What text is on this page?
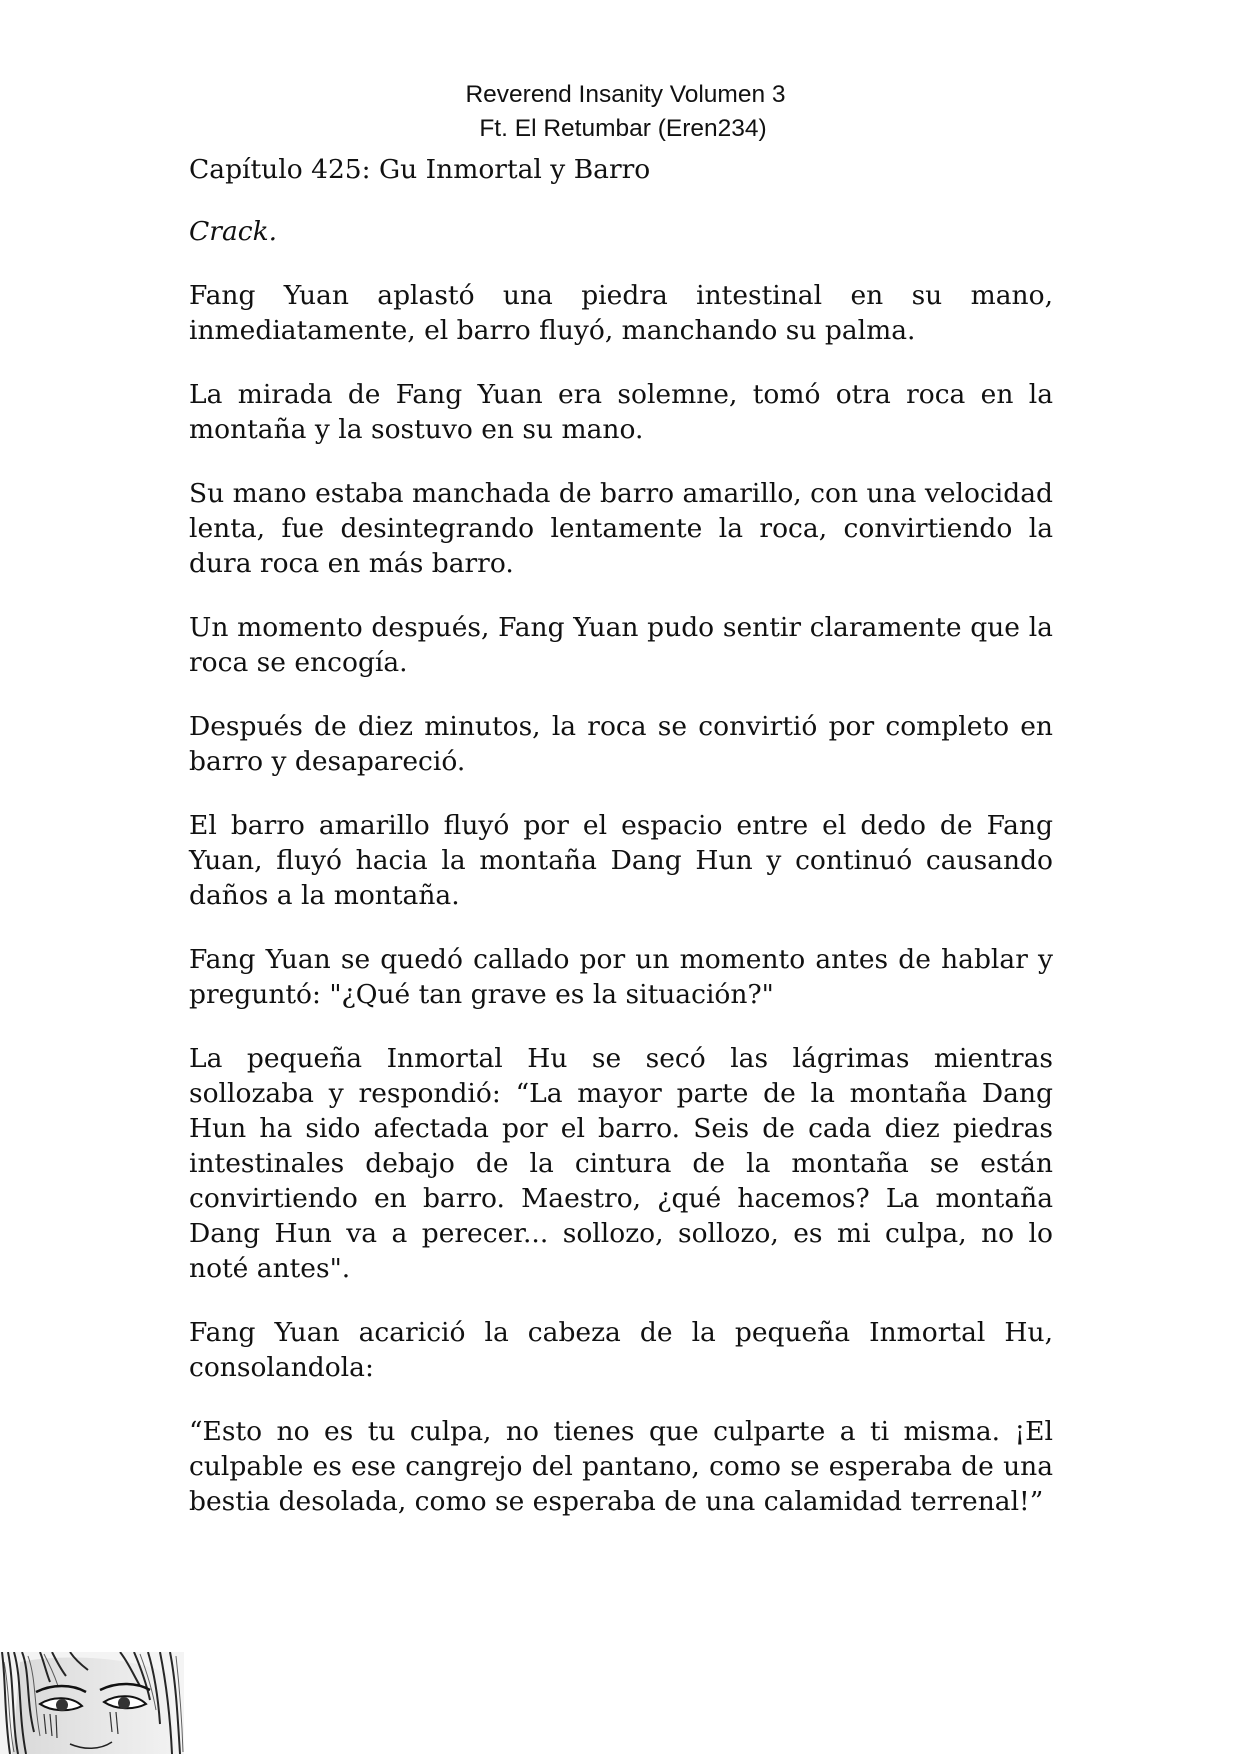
Reverend Insanity Volumen 3
Ft. El Retumbar (Eren234)

Capítulo 425: Gu Inmortal y Barro

Crack.

Fang Yuan aplastó una piedra intestinal en su mano, inmediatamente, el barro fluyó, manchando su palma.

La mirada de Fang Yuan era solemne, tomó otra roca en la montaña y la sostuvo en su mano.

Su mano estaba manchada de barro amarillo, con una velocidad lenta, fue desintegrando lentamente la roca, convirtiendo la dura roca en más barro.

Un momento después, Fang Yuan pudo sentir claramente que la roca se encogía.

Después de diez minutos, la roca se convirtió por completo en barro y desapareció.

El barro amarillo fluyó por el espacio entre el dedo de Fang Yuan, fluyó hacia la montaña Dang Hun y continuó causando daños a la montaña.

Fang Yuan se quedó callado por un momento antes de hablar y preguntó: "¿Qué tan grave es la situación?"

La pequeña Inmortal Hu se secó las lágrimas mientras sollozaba y respondió: “La mayor parte de la montaña Dang Hun ha sido afectada por el barro. Seis de cada diez piedras intestinales debajo de la cintura de la montaña se están convirtiendo en barro. Maestro, ¿qué hacemos? La montaña Dang Hun va a perecer... sollozo, sollozo, es mi culpa, no lo noté antes".

Fang Yuan acarició la cabeza de la pequeña Inmortal Hu, consolandola:

“Esto no es tu culpa, no tienes que culparte a ti misma. ¡El culpable es ese cangrejo del pantano, como se esperaba de una bestia desolada, como se esperaba de una calamidad terrenal!”
